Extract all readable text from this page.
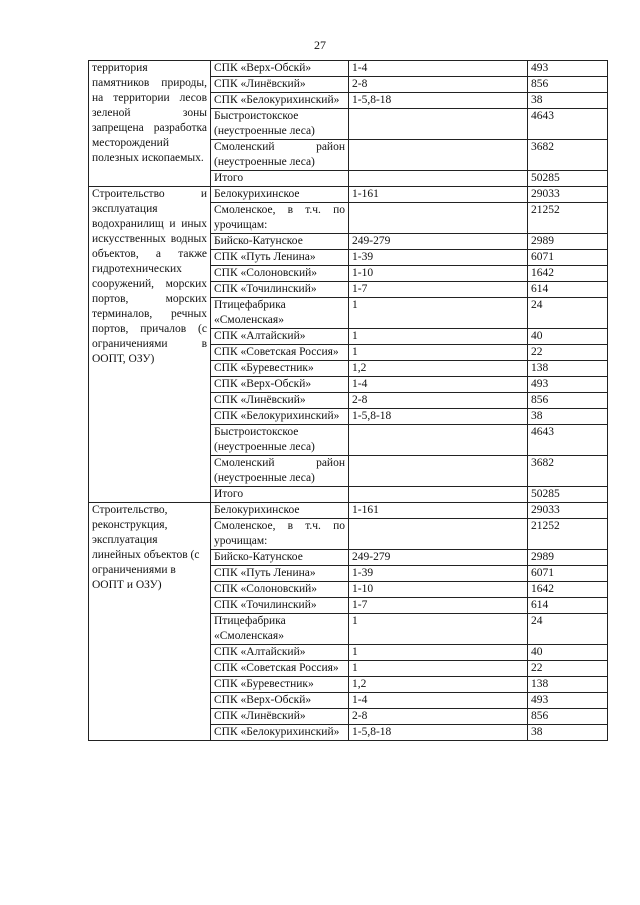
27
территория памятников природы, на территории лесов зеленой зоны запрещена разработка месторождений полезных ископаемых.	СПК «Верх-Обскй»	1-4	493
	СПК «Линёвский»	2-8	856
	СПК «Белокурихинский»	1-5,8-18	38
	Быстроистокское (неустроенные леса)		4643
	Смоленский район (неустроенные леса)		3682
	Итого		50285
Строительство и эксплуатация водохранилищ и иных искусственных водных объектов, а также гидротехнических сооружений, морских портов, морских терминалов, речных портов, причалов (с ограничениями в ООПТ, ОЗУ)	Белокурихинское	1-161	29033
	Смоленское, в т.ч. по урочищам:		21252
	Бийско-Катунское	249-279	2989
	СПК «Путь Ленина»	1-39	6071
	СПК «Солоновский»	1-10	1642
	СПК «Точилинский»	1-7	614
	Птицефабрика «Смоленская»	1	24
	СПК «Алтайский»	1	40
	СПК «Советская Россия»	1	22
	СПК «Буревестник»	1,2	138
	СПК «Верх-Обскй»	1-4	493
	СПК «Линёвский»	2-8	856
	СПК «Белокурихинский»	1-5,8-18	38
	Быстроистокское (неустроенные леса)		4643
	Смоленский район (неустроенные леса)		3682
	Итого		50285
Строительство, реконструкция, эксплуатация линейных объектов (с ограничениями в ООПТ и ОЗУ)	Белокурихинское	1-161	29033
	Смоленское, в т.ч. по урочищам:		21252
	Бийско-Катунское	249-279	2989
	СПК «Путь Ленина»	1-39	6071
	СПК «Солоновский»	1-10	1642
	СПК «Точилинский»	1-7	614
	Птицефабрика «Смоленская»	1	24
	СПК «Алтайский»	1	40
	СПК «Советская Россия»	1	22
	СПК «Буревестник»	1,2	138
	СПК «Верх-Обскй»	1-4	493
	СПК «Линёвский»	2-8	856
	СПК «Белокурихинский»	1-5,8-18	38
